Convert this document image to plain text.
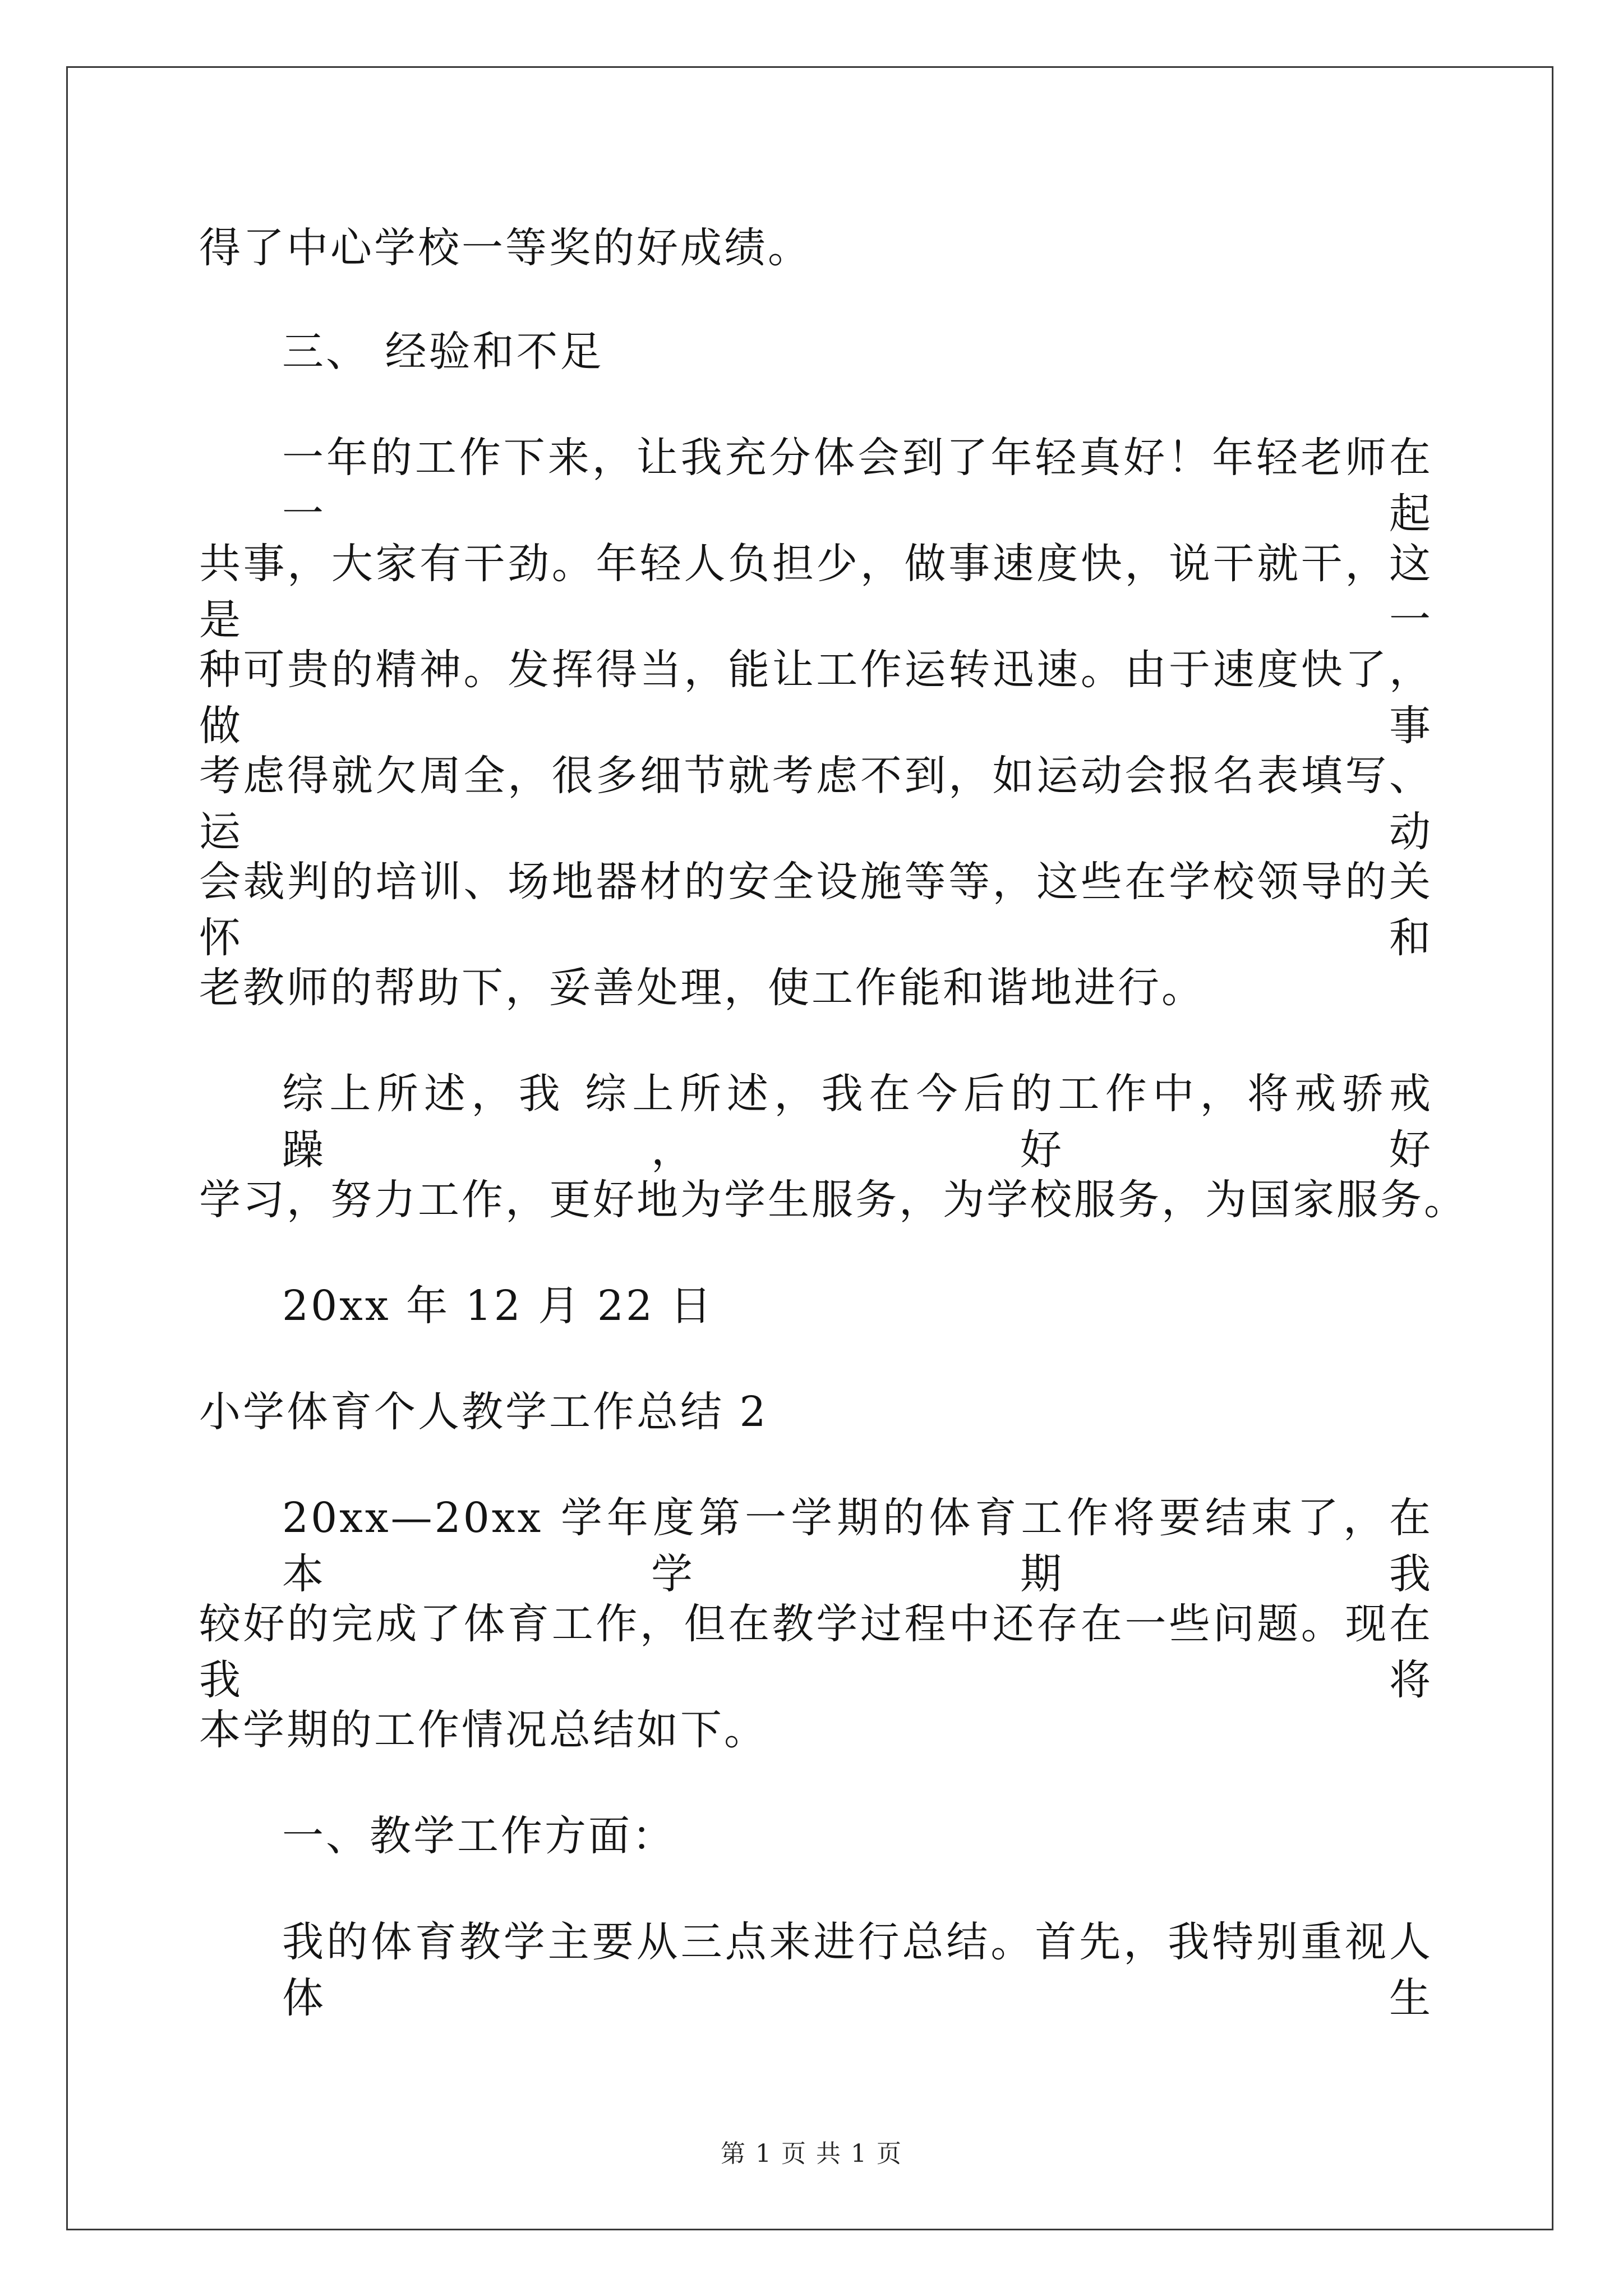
得了中心学校一等奖的好成绩。
三、 经验和不足
一年的工作下来，让我充分体会到了年轻真好！年轻老师在一起
共事，大家有干劲。年轻人负担少，做事速度快，说干就干，这是一
种可贵的精神。发挥得当，能让工作运转迅速。由于速度快了，做事
考虑得就欠周全，很多细节就考虑不到，如运动会报名表填写、运动
会裁判的培训、场地器材的安全设施等等，这些在学校领导的关怀和
老教师的帮助下，妥善处理，使工作能和谐地进行。
综上所述，我 综上所述，我在今后的工作中，将戒骄戒躁，好好
学习，努力工作，更好地为学生服务，为学校服务，为国家服务。
20xx 年 12 月 22 日
小学体育个人教学工作总结 2
20xx—20xx 学年度第一学期的体育工作将要结束了，在本学期我
较好的完成了体育工作，但在教学过程中还存在一些问题。现在我将
本学期的工作情况总结如下。
一、教学工作方面：
我的体育教学主要从三点来进行总结。首先，我特别重视人体生
第 1 页 共 1 页
